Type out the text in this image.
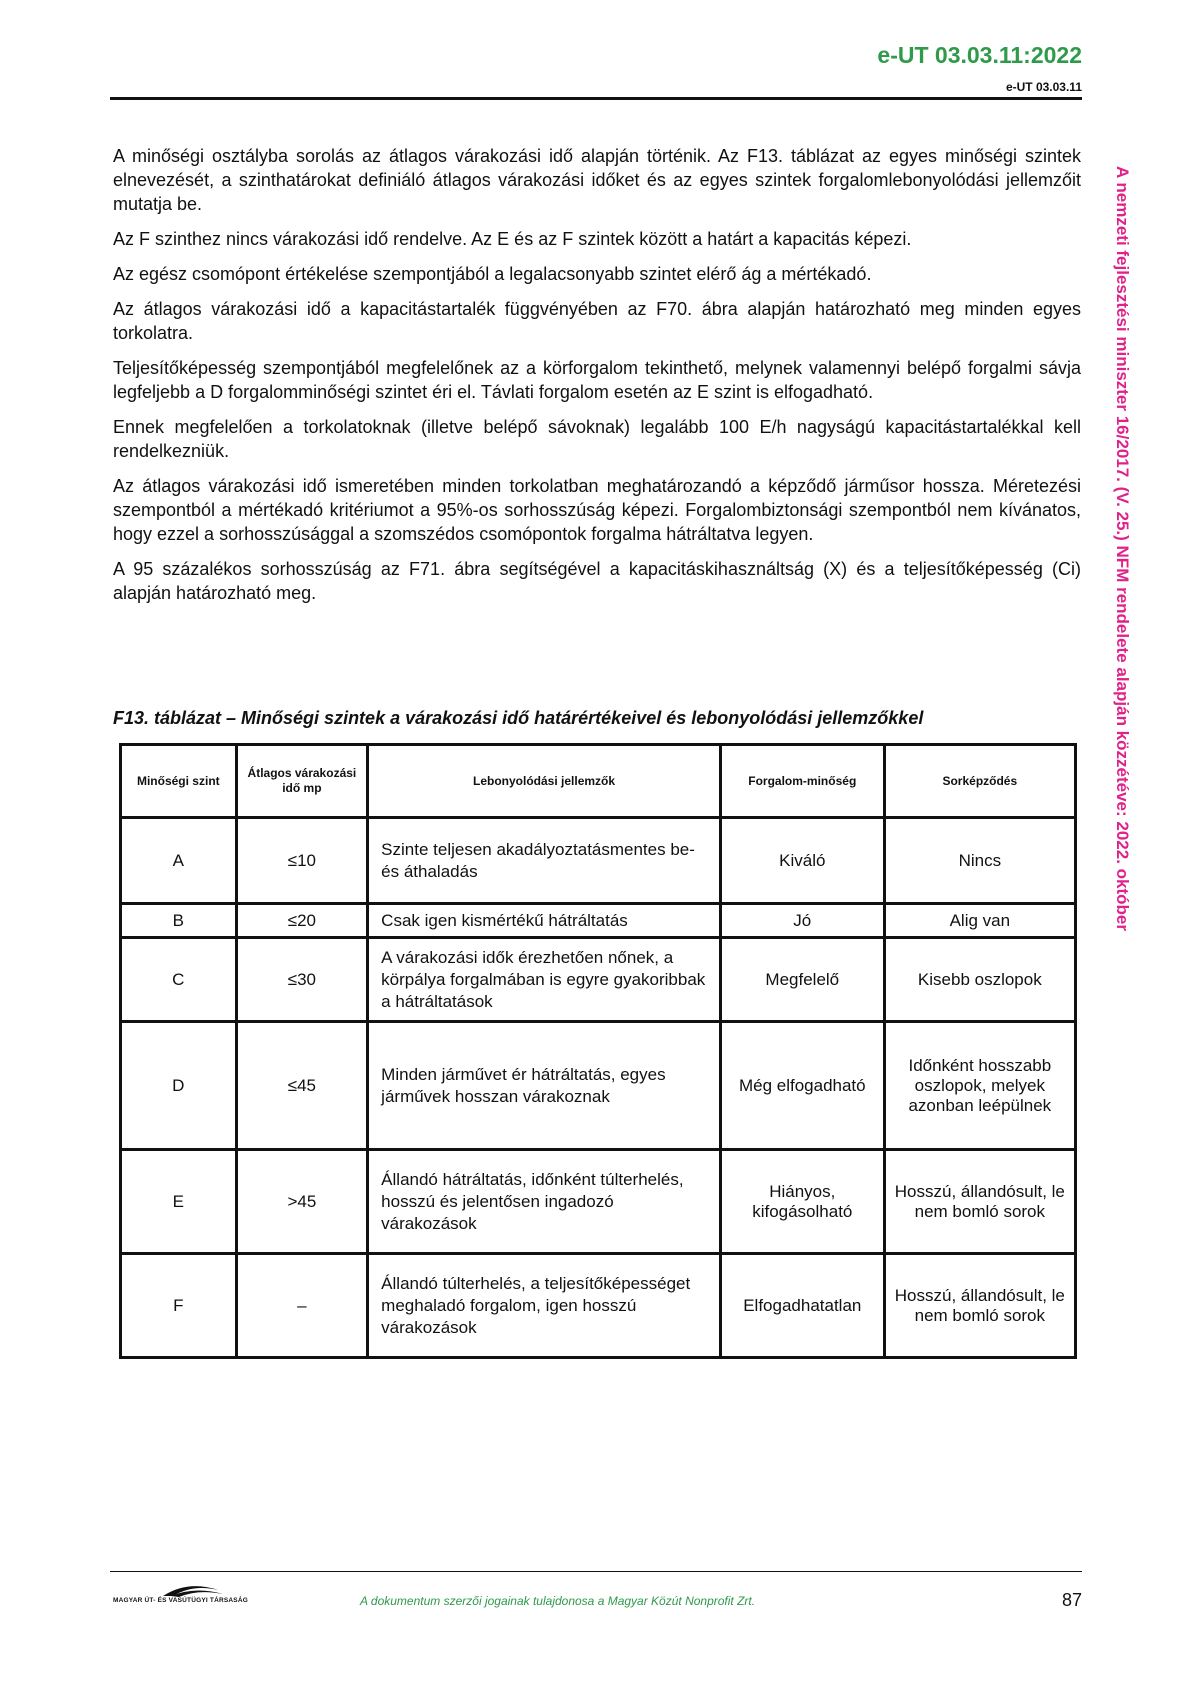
e-UT 03.03.11:2022
e-UT 03.03.11
A nemzeti fejlesztési miniszter 16/2017. (V. 25.) NFM rendelete alapján közzétéve: 2022. október

A minőségi osztályba sorolás az átlagos várakozási idő alapján történik. Az F13. táblázat az egyes minőségi szintek elnevezését, a szinthatárokat definiáló átlagos várakozási időket és az egyes szintek forgalomlebonyolódási jellemzőit mutatja be.

Az F szinthez nincs várakozási idő rendelve. Az E és az F szintek között a határt a kapacitás képezi.

Az egész csomópont értékelése szempontjából a legalacsonyabb szintet elérő ág a mértékadó.

Az átlagos várakozási idő a kapacitástartalék függvényében az F70. ábra alapján határozható meg minden egyes torkolatra.

Teljesítőképesség szempontjából megfelelőnek az a körforgalom tekinthető, melynek valamennyi belépő forgalmi sávja legfeljebb a D forgalomminőségi szintet éri el. Távlati forgalom esetén az E szint is elfogadható.

Ennek megfelelően a torkolatoknak (illetve belépő sávoknak) legalább 100 E/h nagyságú kapacitástartalékkal kell rendelkezniük.

Az átlagos várakozási idő ismeretében minden torkolatban meghatározandó a képződő járműsor hossza. Méretezési szempontból a mértékadó kritériumot a 95%-os sorhosszúság képezi. Forgalombiztonsági szempontból nem kívánatos, hogy ezzel a sorhosszúsággal a szomszédos csomópontok forgalma hátráltatva legyen.

A 95 százalékos sorhosszúság az F71. ábra segítségével a kapacitáskihasználtság (X) és a teljesítőképesség (Ci) alapján határozható meg.

F13. táblázat – Minőségi szintek a várakozási idő határértékeivel és lebonyolódási jellemzőkkel
Minőségi szint	Átlagos várakozási idő mp	Lebonyolódási jellemzők	Forgalom-minőség	Sorképződés
A	≤10	Szinte teljesen akadályoztatásmentes be- és áthaladás	Kiváló	Nincs
B	≤20	Csak igen kismértékű hátráltatás	Jó	Alig van
C	≤30	A várakozási idők érezhetően nőnek, a körpálya forgalmában is egyre gyakoribbak a hátráltatások	Megfelelő	Kisebb oszlopok
D	≤45	Minden járművet ér hátráltatás, egyes járművek hosszan várakoznak	Még elfogadható	Időnként hosszabb oszlopok, melyek azonban leépülnek
E	>45	Állandó hátráltatás, időnként túlterhelés, hosszú és jelentősen ingadozó várakozások	Hiányos, kifogásolható	Hosszú, állandósult, le nem bomló sorok
F	–	Állandó túlterhelés, a teljesítőképességet meghaladó forgalom, igen hosszú várakozások	Elfogadhatatlan	Hosszú, állandósult, le nem bomló sorok
MAGYAR ÚT- ÉS VASÚTÜGYI TÁRSASÁG	A dokumentum szerzői jogainak tulajdonosa a Magyar Közút Nonprofit Zrt.	87
